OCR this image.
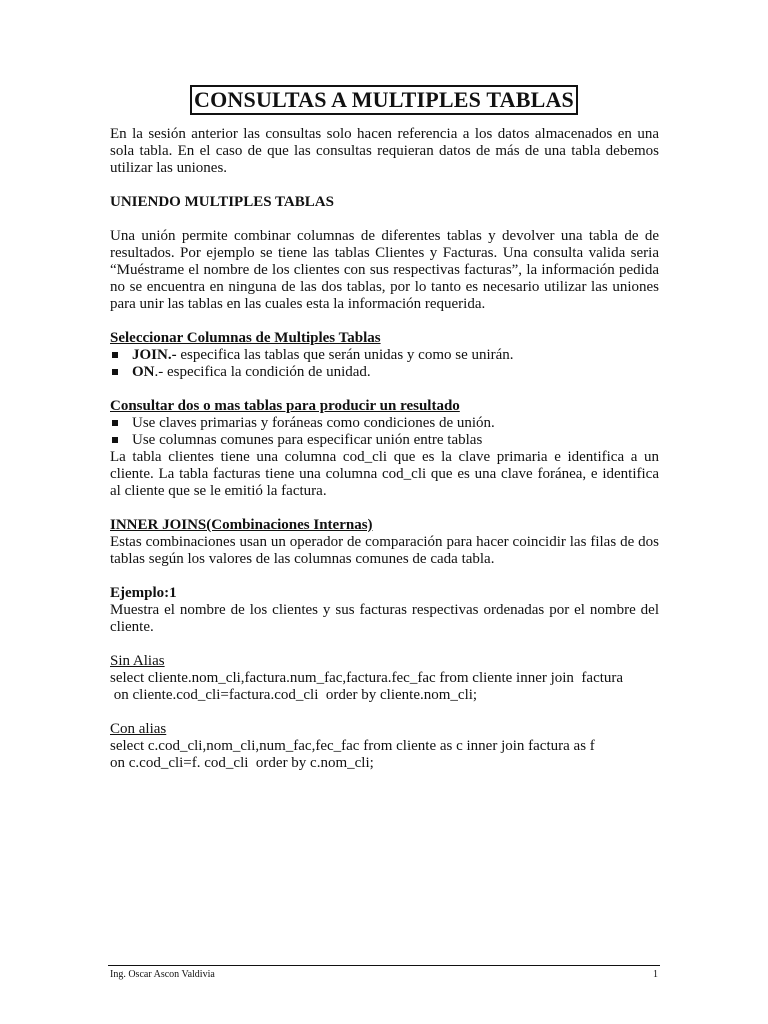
CONSULTAS A MULTIPLES TABLAS

En la sesión anterior las consultas solo hacen referencia a los datos almacenados en una sola tabla. En el caso de que las consultas requieran datos de más de una tabla debemos utilizar las uniones.

UNIENDO MULTIPLES TABLAS

Una unión permite combinar columnas de diferentes tablas y devolver una tabla de de resultados. Por ejemplo se tiene las tablas Clientes y Facturas. Una consulta valida seria “Muéstrame el nombre de los clientes con sus respectivas facturas”, la información pedida no se encuentra en ninguna de las dos tablas, por lo tanto es necesario utilizar las uniones para unir las tablas en las cuales esta la información requerida.

Seleccionar Columnas de Multiples Tablas

JOIN.- especifica las tablas que serán unidas y como se unirán.
ON.- especifica la condición de unidad.

Consultar dos o mas tablas para producir un resultado

Use claves primarias y foráneas como condiciones de unión.
Use columnas comunes para especificar unión entre tablas

La tabla clientes tiene una columna cod_cli que es la clave primaria e identifica a un cliente. La tabla facturas tiene una columna cod_cli que es una clave foránea, e identifica al cliente que se le emitió la factura.

INNER JOINS(Combinaciones Internas)

Estas combinaciones usan un operador de comparación para hacer coincidir las filas de dos tablas según los valores de las columnas comunes de cada tabla.

Ejemplo:1

Muestra el nombre de los clientes y sus facturas respectivas ordenadas por el nombre del cliente.

Sin Alias

select cliente.nom_cli,factura.num_fac,factura.fec_fac from cliente inner join  factura

on cliente.cod_cli=factura.cod_cli  order by cliente.nom_cli;

Con alias

select c.cod_cli,nom_cli,num_fac,fec_fac from cliente as c inner join factura as f

on c.cod_cli=f. cod_cli  order by c.nom_cli;

Ing. Oscar Ascon Valdivia	1
